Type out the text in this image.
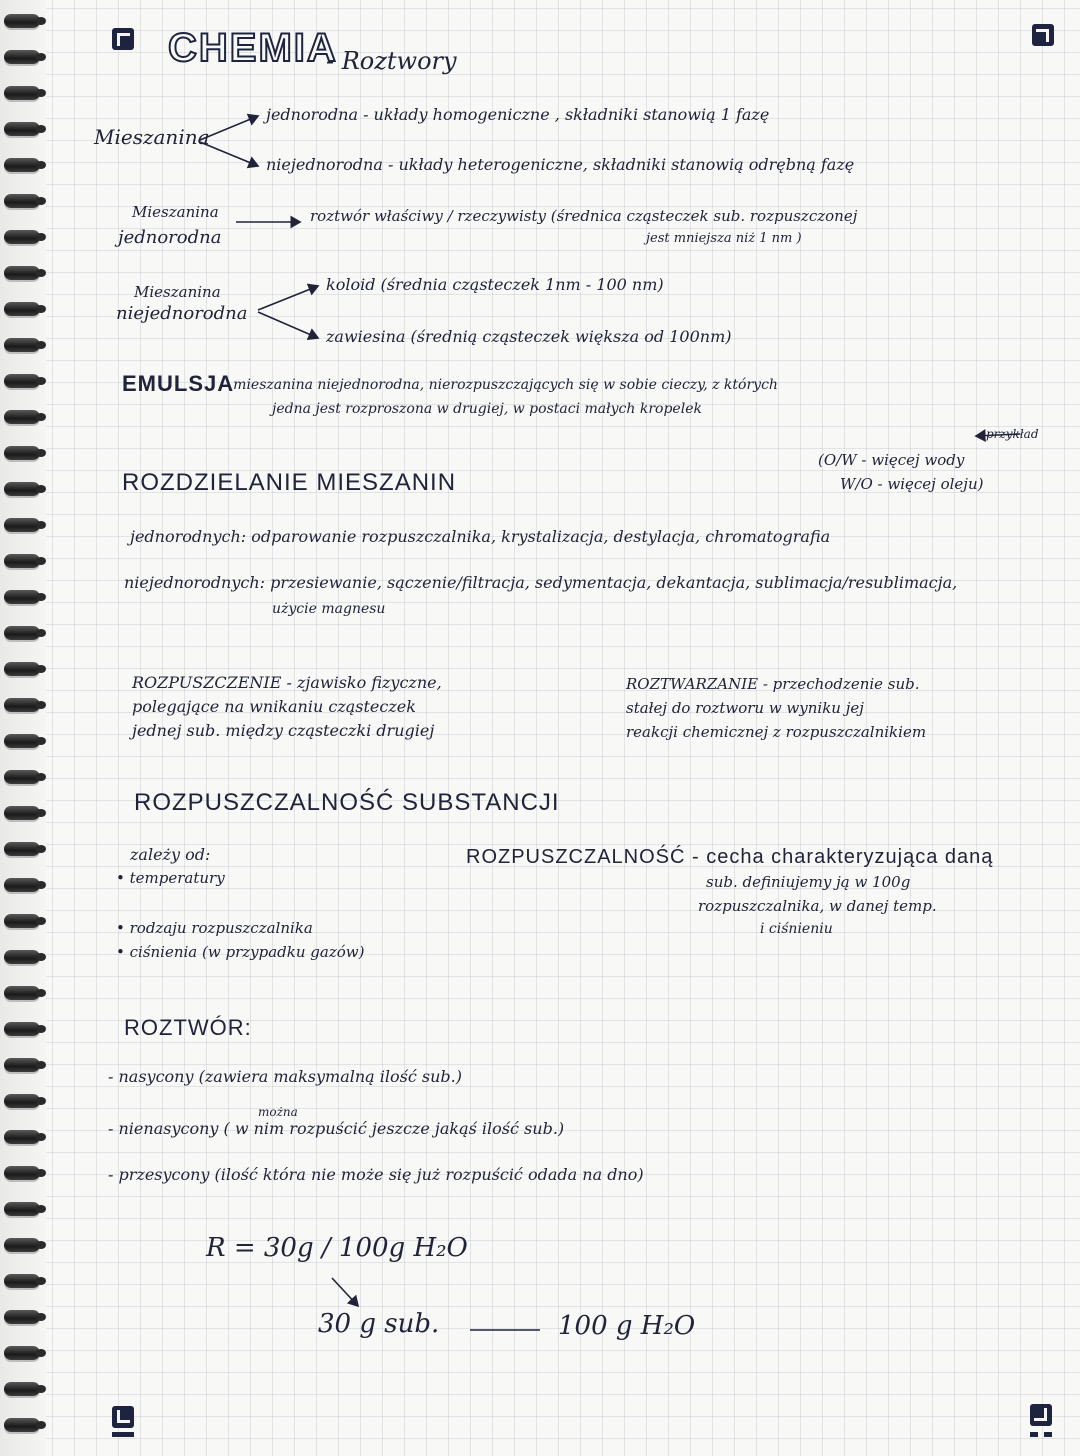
CHEMIA
- Roztwory
Mieszanina
jednorodna - układy homogeniczne , składniki stanowią 1 fazę
niejednorodna - układy heterogeniczne, składniki stanowią odrębną fazę
Mieszanina
jednorodna
roztwór właściwy / rzeczywisty (średnica cząsteczek sub. rozpuszczonej
jest mniejsza niż 1 nm )
Mieszanina
niejednorodna
koloid (średnia cząsteczek 1nm - 100 nm)
zawiesina (średnią cząsteczek większa od 100nm)
EMULSJA
- mieszanina niejednorodna, nierozpuszczających się w sobie cieczy, z których
jedna jest rozproszona w drugiej, w postaci małych kropelek
przykład
(O/W - więcej wody
W/O - więcej oleju)
ROZDZIELANIE MIESZANIN
jednorodnych: odparowanie rozpuszczalnika, krystalizacja, destylacja, chromatografia
niejednorodnych: przesiewanie, sączenie/filtracja, sedymentacja, dekantacja, sublimacja/resublimacja,
użycie magnesu
ROZPUSZCZENIE - zjawisko fizyczne,
polegające na wnikaniu cząsteczek
jednej sub. między cząsteczki drugiej
ROZTWARZANIE - przechodzenie sub.
stałej do roztworu w wyniku jej
reakcji chemicznej z rozpuszczalnikiem
ROZPUSZCZALNOŚĆ SUBSTANCJI
zależy od:
• temperatury
• rodzaju rozpuszczalnika
• ciśnienia (w przypadku gazów)
ROZPUSZCZALNOŚĆ - cecha charakteryzująca daną
sub. definiujemy ją w 100g
rozpuszczalnika, w danej temp.
i ciśnieniu
ROZTWÓR:
- nasycony (zawiera maksymalną ilość sub.)
można
- nienasycony ( w nim rozpuścić jeszcze jakąś ilość sub.)
- przesycony (ilość która nie może się już rozpuścić odada na dno)
R = 30g / 100g H₂O
30 g sub.	100 g H₂O
